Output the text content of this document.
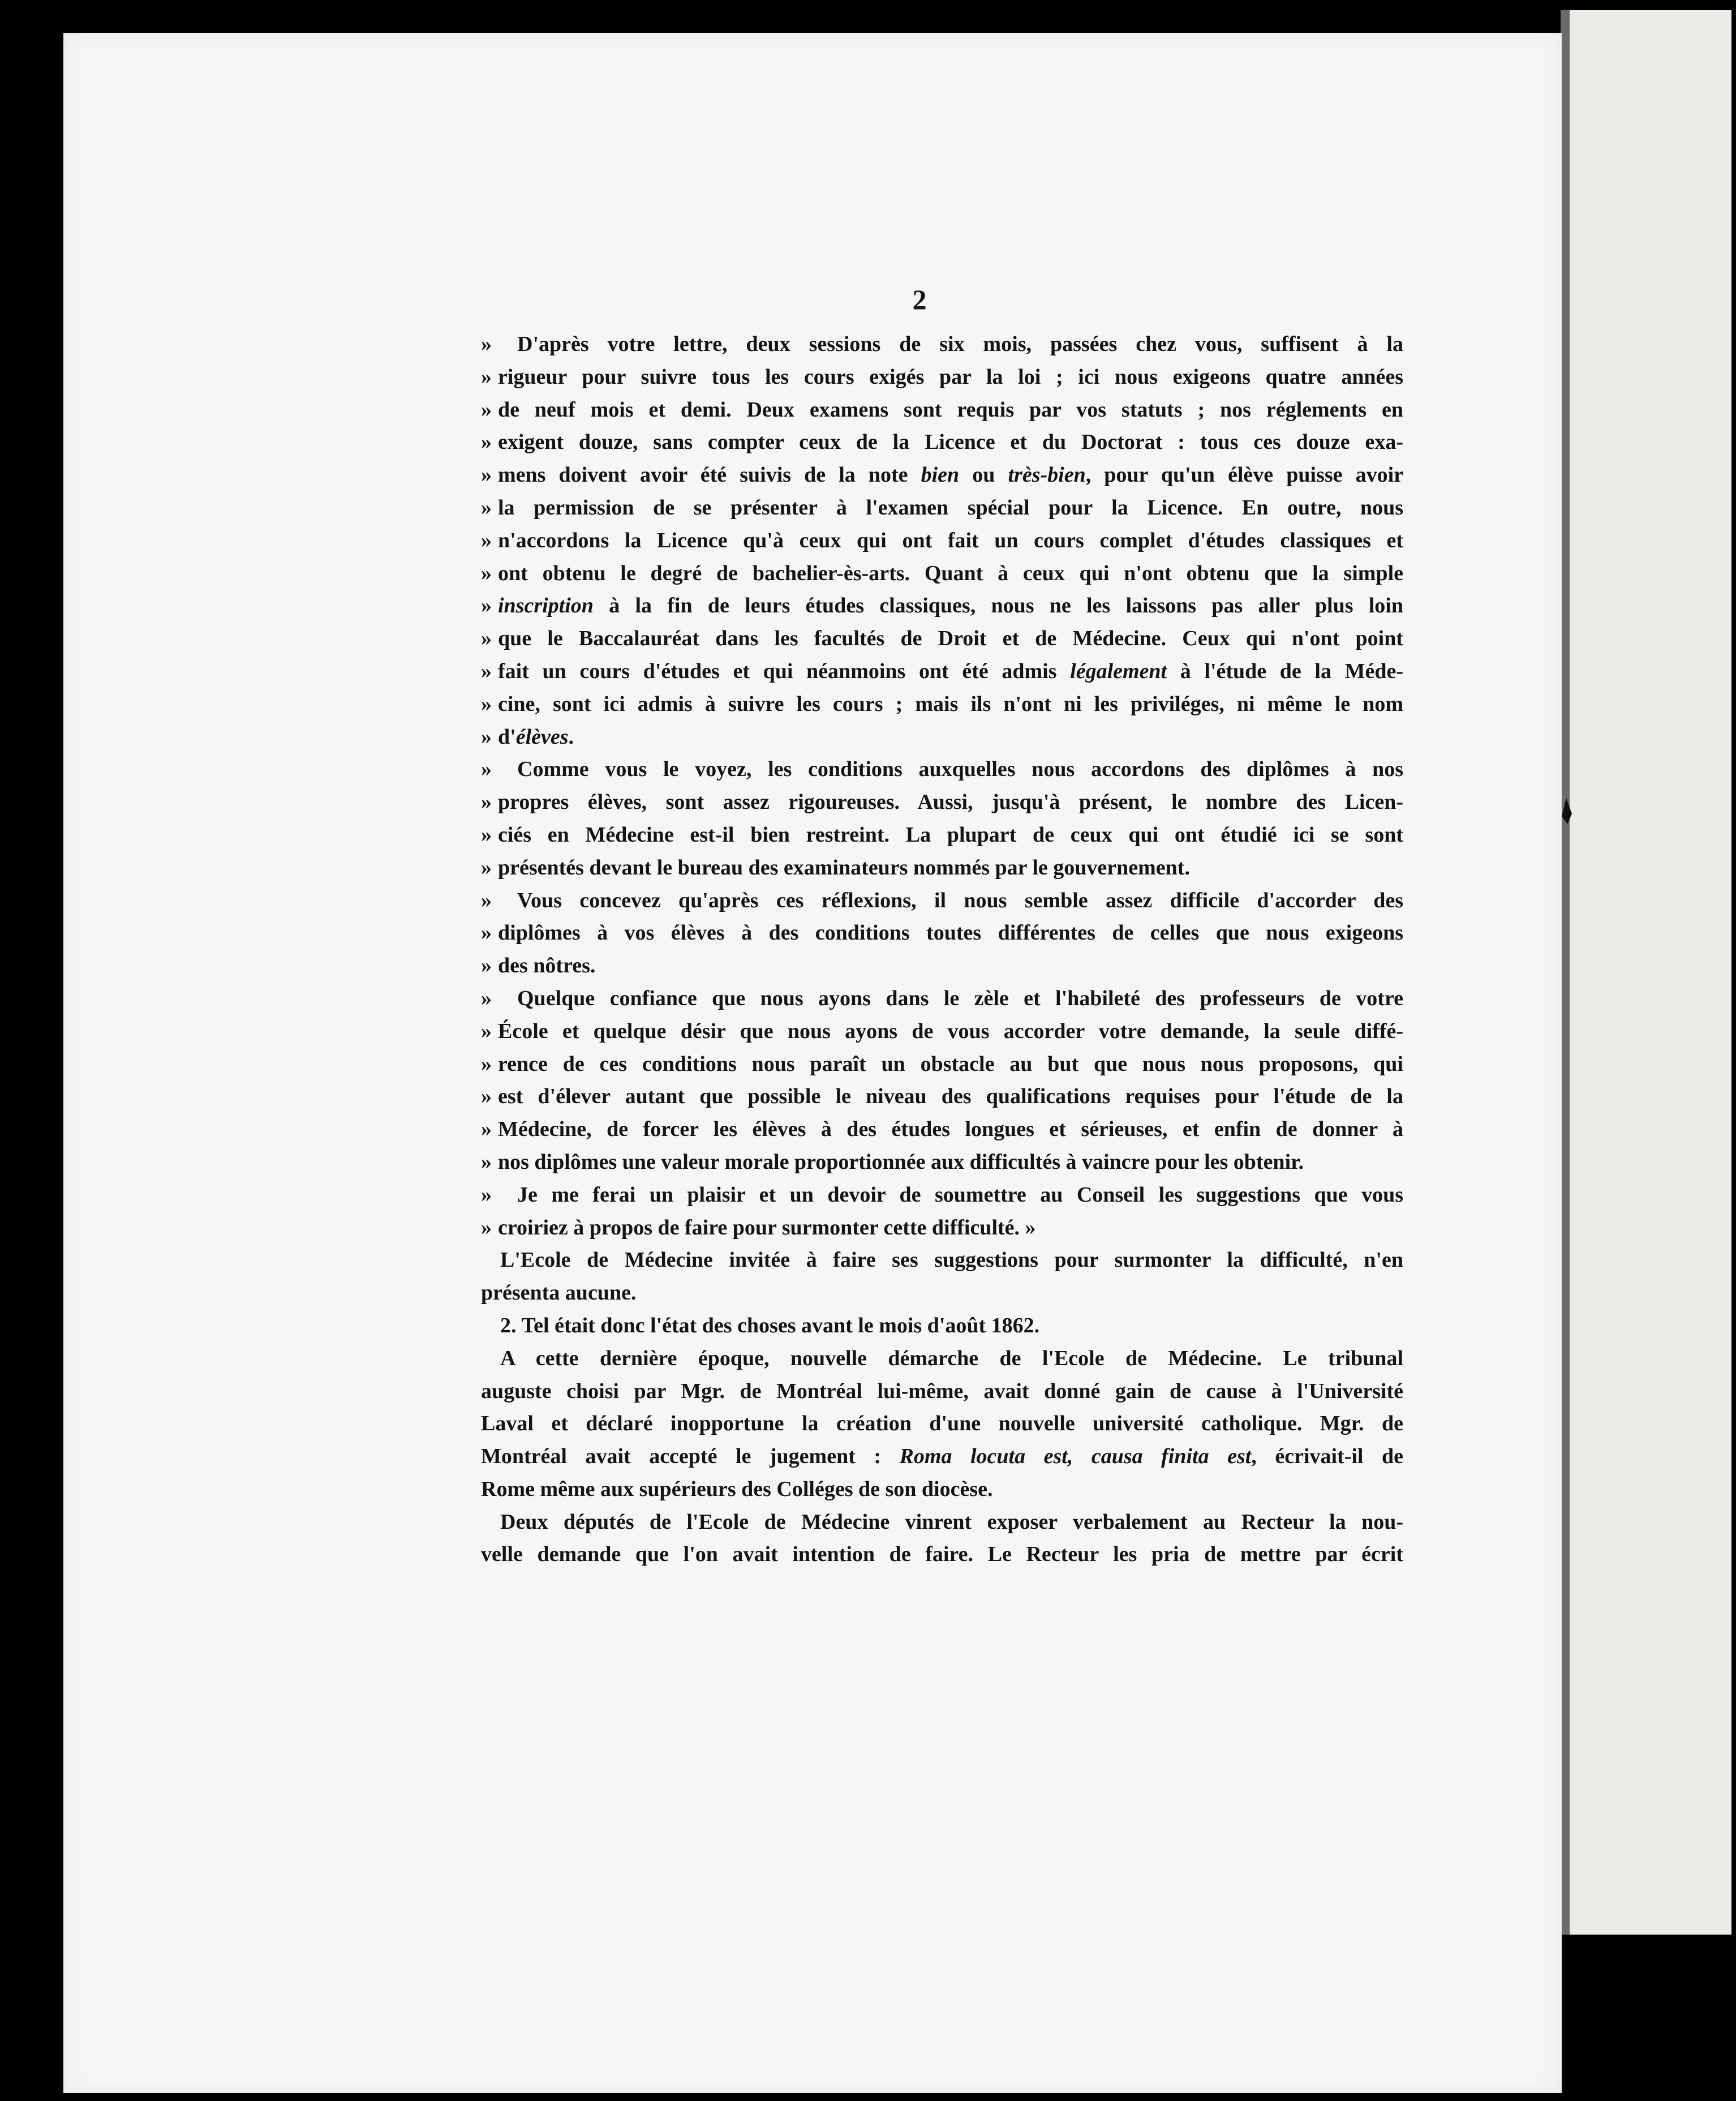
2
» D'après votre lettre, deux sessions de six mois, passées chez vous, suffisent à la
» rigueur pour suivre tous les cours exigés par la loi ; ici nous exigeons quatre années
» de neuf mois et demi. Deux examens sont requis par vos statuts ; nos réglements en
» exigent douze, sans compter ceux de la Licence et du Doctorat : tous ces douze exa-
» mens doivent avoir été suivis de la note bien ou très-bien, pour qu'un élève puisse avoir
» la permission de se présenter à l'examen spécial pour la Licence. En outre, nous
» n'accordons la Licence qu'à ceux qui ont fait un cours complet d'études classiques et
» ont obtenu le degré de bachelier-ès-arts. Quant à ceux qui n'ont obtenu que la simple
» inscription à la fin de leurs études classiques, nous ne les laissons pas aller plus loin
» que le Baccalauréat dans les facultés de Droit et de Médecine. Ceux qui n'ont point
» fait un cours d'études et qui néanmoins ont été admis légalement à l'étude de la Méde-
» cine, sont ici admis à suivre les cours ; mais ils n'ont ni les priviléges, ni même le nom
» d'élèves.
» Comme vous le voyez, les conditions auxquelles nous accordons des diplômes à nos
» propres élèves, sont assez rigoureuses. Aussi, jusqu'à présent, le nombre des Licen-
» ciés en Médecine est-il bien restreint. La plupart de ceux qui ont étudié ici se sont
» présentés devant le bureau des examinateurs nommés par le gouvernement.
» Vous concevez qu'après ces réflexions, il nous semble assez difficile d'accorder des
» diplômes à vos élèves à des conditions toutes différentes de celles que nous exigeons
» des nôtres.
» Quelque confiance que nous ayons dans le zèle et l'habileté des professeurs de votre
» École et quelque désir que nous ayons de vous accorder votre demande, la seule diffé-
» rence de ces conditions nous paraît un obstacle au but que nous nous proposons, qui
» est d'élever autant que possible le niveau des qualifications requises pour l'étude de la
» Médecine, de forcer les élèves à des études longues et sérieuses, et enfin de donner à
» nos diplômes une valeur morale proportionnée aux difficultés à vaincre pour les obtenir.
» Je me ferai un plaisir et un devoir de soumettre au Conseil les suggestions que vous
» croiriez à propos de faire pour surmonter cette difficulté. »
L'Ecole de Médecine invitée à faire ses suggestions pour surmonter la difficulté, n'en
présenta aucune.
2. Tel était donc l'état des choses avant le mois d'août 1862.
A cette dernière époque, nouvelle démarche de l'Ecole de Médecine. Le tribunal
auguste choisi par Mgr. de Montréal lui-même, avait donné gain de cause à l'Université
Laval et déclaré inopportune la création d'une nouvelle université catholique. Mgr. de
Montréal avait accepté le jugement : Roma locuta est, causa finita est, écrivait-il de
Rome même aux supérieurs des Colléges de son diocèse.
Deux députés de l'Ecole de Médecine vinrent exposer verbalement au Recteur la nou-
velle demande que l'on avait intention de faire. Le Recteur les pria de mettre par écrit
